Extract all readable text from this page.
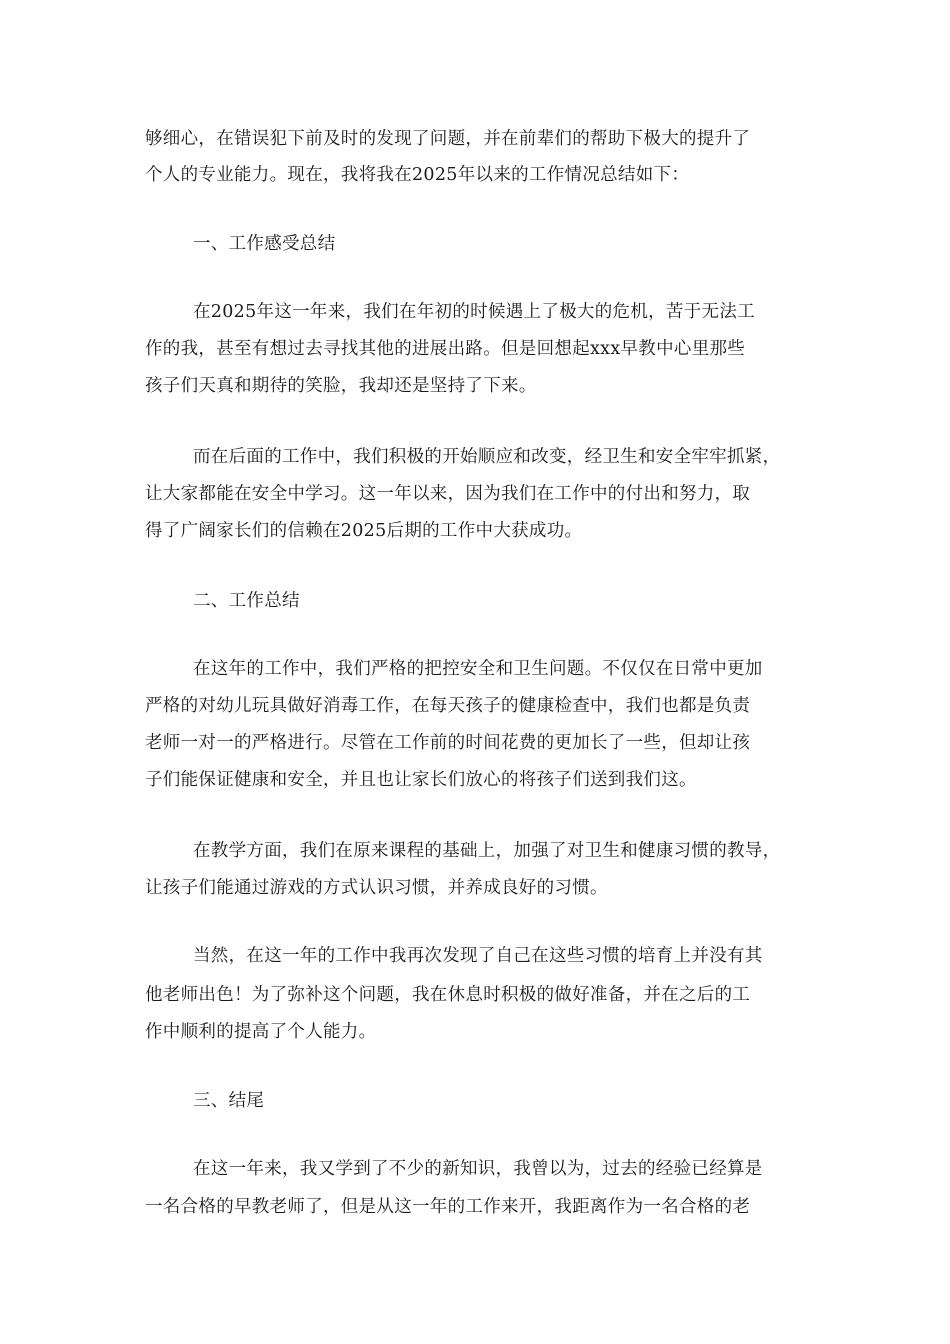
够细心，在错误犯下前及时的发现了问题，并在前辈们的帮助下极大的提升了
个人的专业能力。现在，我将我在2025年以来的工作情况总结如下：
一、工作感受总结
在2025年这一年来，我们在年初的时候遇上了极大的危机，苦于无法工
作的我，甚至有想过去寻找其他的进展出路。但是回想起xxx早教中心里那些
孩子们天真和期待的笑脸，我却还是坚持了下来。
而在后面的工作中，我们积极的开始顺应和改变，经卫生和安全牢牢抓紧，
让大家都能在安全中学习。这一年以来，因为我们在工作中的付出和努力，取
得了广阔家长们的信赖在2025后期的工作中大获成功。
二、工作总结
在这年的工作中，我们严格的把控安全和卫生问题。不仅仅在日常中更加
严格的对幼儿玩具做好消毒工作，在每天孩子的健康检查中，我们也都是负责
老师一对一的严格进行。尽管在工作前的时间花费的更加长了一些，但却让孩
子们能保证健康和安全，并且也让家长们放心的将孩子们送到我们这。
在教学方面，我们在原来课程的基础上，加强了对卫生和健康习惯的教导，
让孩子们能通过游戏的方式认识习惯，并养成良好的习惯。
当然，在这一年的工作中我再次发现了自己在这些习惯的培育上并没有其
他老师出色！为了弥补这个问题，我在休息时积极的做好准备，并在之后的工
作中顺利的提高了个人能力。
三、结尾
在这一年来，我又学到了不少的新知识，我曾以为，过去的经验已经算是
一名合格的早教老师了，但是从这一年的工作来开，我距离作为一名合格的老
